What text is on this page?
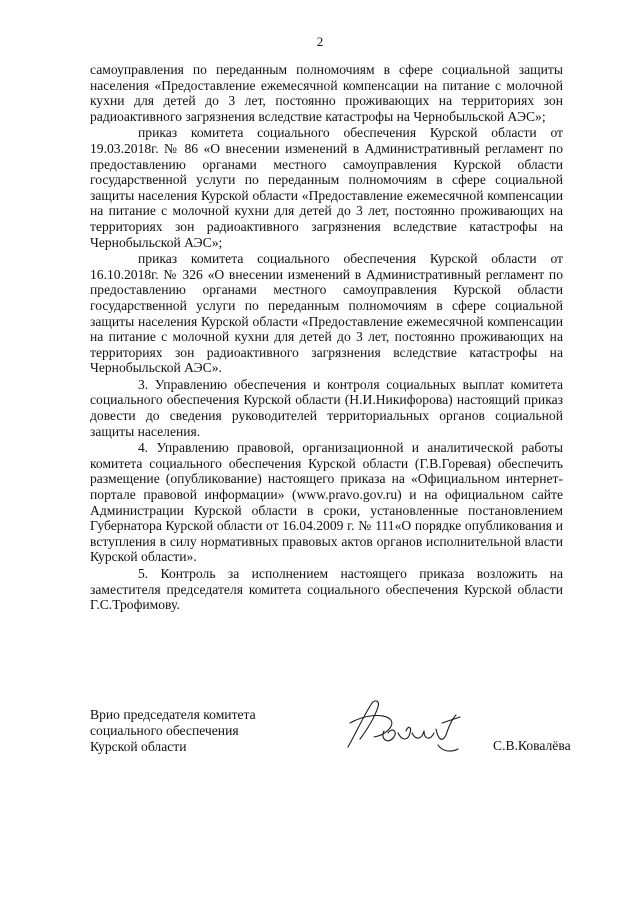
2

самоуправления по переданным полномочиям в сфере социальной защиты населения «Предоставление ежемесячной компенсации на питание с молочной кухни для детей до 3 лет, постоянно проживающих на территориях зон радиоактивного загрязнения вследствие катастрофы на Чернобыльской АЭС»;

приказ комитета социального обеспечения Курской области от 19.03.2018г. № 86 «О внесении изменений в Административный регламент по предоставлению органами местного самоуправления Курской области государственной услуги по переданным полномочиям в сфере социальной защиты населения Курской области «Предоставление ежемесячной компенсации на питание с молочной кухни для детей до 3 лет, постоянно проживающих на территориях зон радиоактивного загрязнения вследствие катастрофы на Чернобыльской АЭС»;

приказ комитета социального обеспечения Курской области от 16.10.2018г. № 326 «О внесении изменений в Административный регламент по предоставлению органами местного самоуправления Курской области государственной услуги по переданным полномочиям в сфере социальной защиты населения Курской области «Предоставление ежемесячной компенсации на питание с молочной кухни для детей до 3 лет, постоянно проживающих на территориях зон радиоактивного загрязнения вследствие катастрофы на Чернобыльской АЭС».

3. Управлению обеспечения и контроля социальных выплат комитета социального обеспечения Курской области (Н.И.Никифорова) настоящий приказ довести до сведения руководителей территориальных органов социальной защиты населения.

4. Управлению правовой, организационной и аналитической работы комитета социального обеспечения Курской области (Г.В.Горевая) обеспечить размещение (опубликование) настоящего приказа на «Официальном интернет-портале правовой информации» (www.pravo.gov.ru) и на официальном сайте Администрации Курской области в сроки, установленные постановлением Губернатора Курской области от 16.04.2009 г. № 111«О порядке опубликования и вступления в силу нормативных правовых актов органов исполнительной власти Курской области».

5. Контроль за исполнением настоящего приказа возложить на заместителя председателя комитета социального обеспечения Курской области Г.С.Трофимову.

Врио председателя комитета
социального обеспечения
Курской области	С.В.Ковалёва
